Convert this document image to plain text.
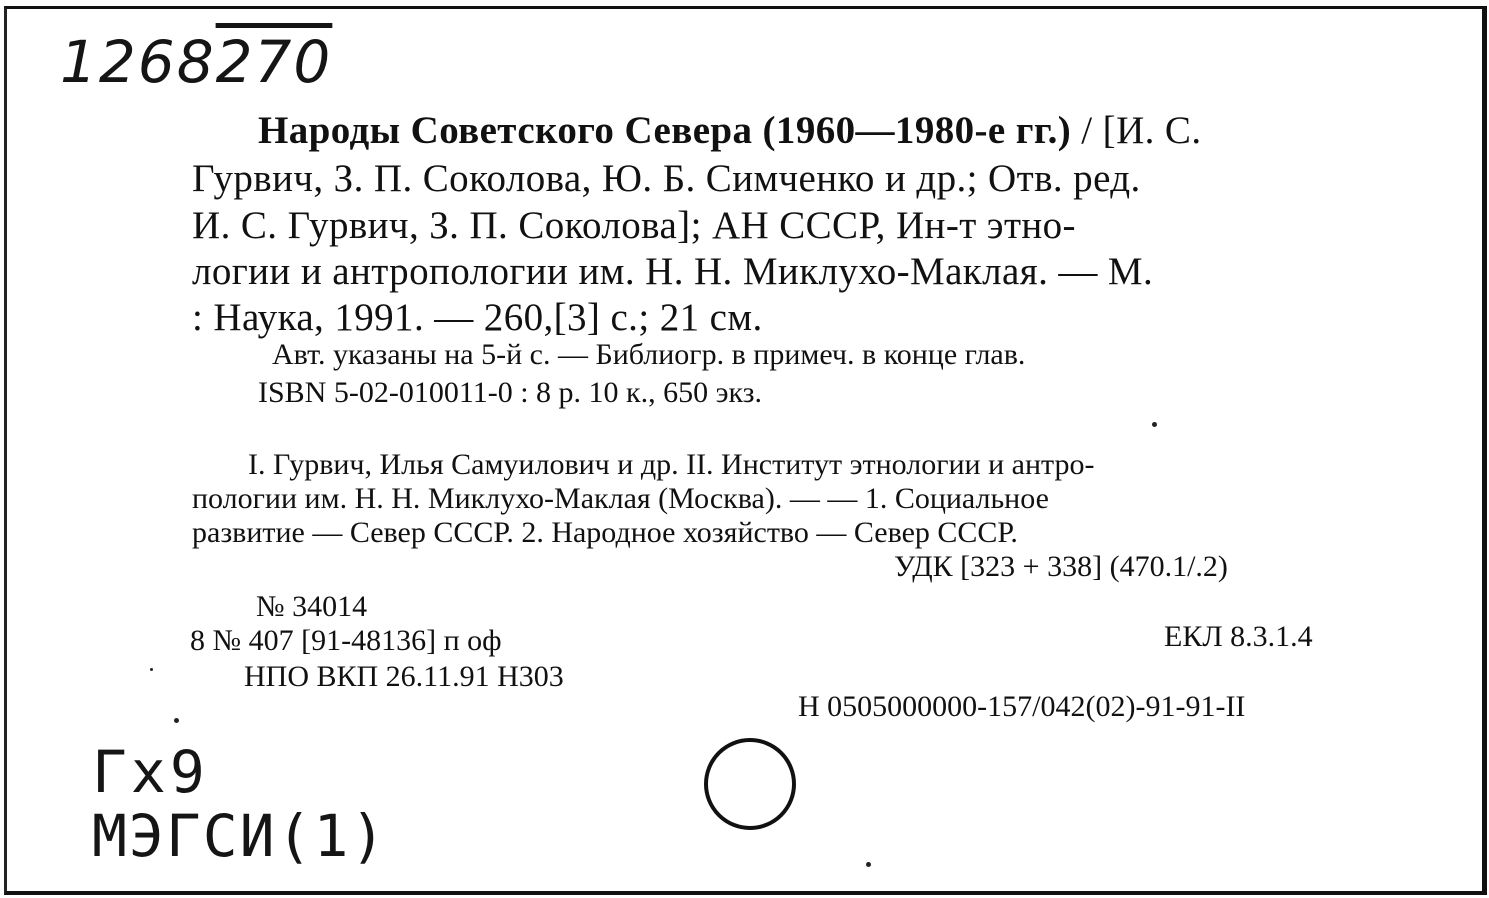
1268270
Народы Советского Севера (1960—1980-е гг.) / [И. С.
Гурвич, З. П. Соколова, Ю. Б. Симченко и др.; Отв. ред.
И. С. Гурвич, З. П. Соколова]; АН СССР, Ин-т этно-
логии и антропологии им. Н. Н. Миклухо-Маклая. — М.
: Наука, 1991. — 260,[3] с.; 21 см.
Авт. указаны на 5-й с. — Библиогр. в примеч. в конце глав.
ISBN 5-02-010011-0 : 8 р. 10 к., 650 экз.
I. Гурвич, Илья Самуилович и др. II. Институт этнологии и антро-
пологии им. Н. Н. Миклухо-Маклая (Москва). — — 1. Социальное
развитие — Север СССР. 2. Народное хозяйство — Север СССР.
УДК [323 + 338] (470.1/.2)
ЕКЛ 8.3.1.4
Н 0505000000-157/042(02)-91-91-II
№ 34014
8 № 407 [91-48136] п оф
НПО ВКП 26.11.91 Н303
Гх9
МЭГСИ(1)
